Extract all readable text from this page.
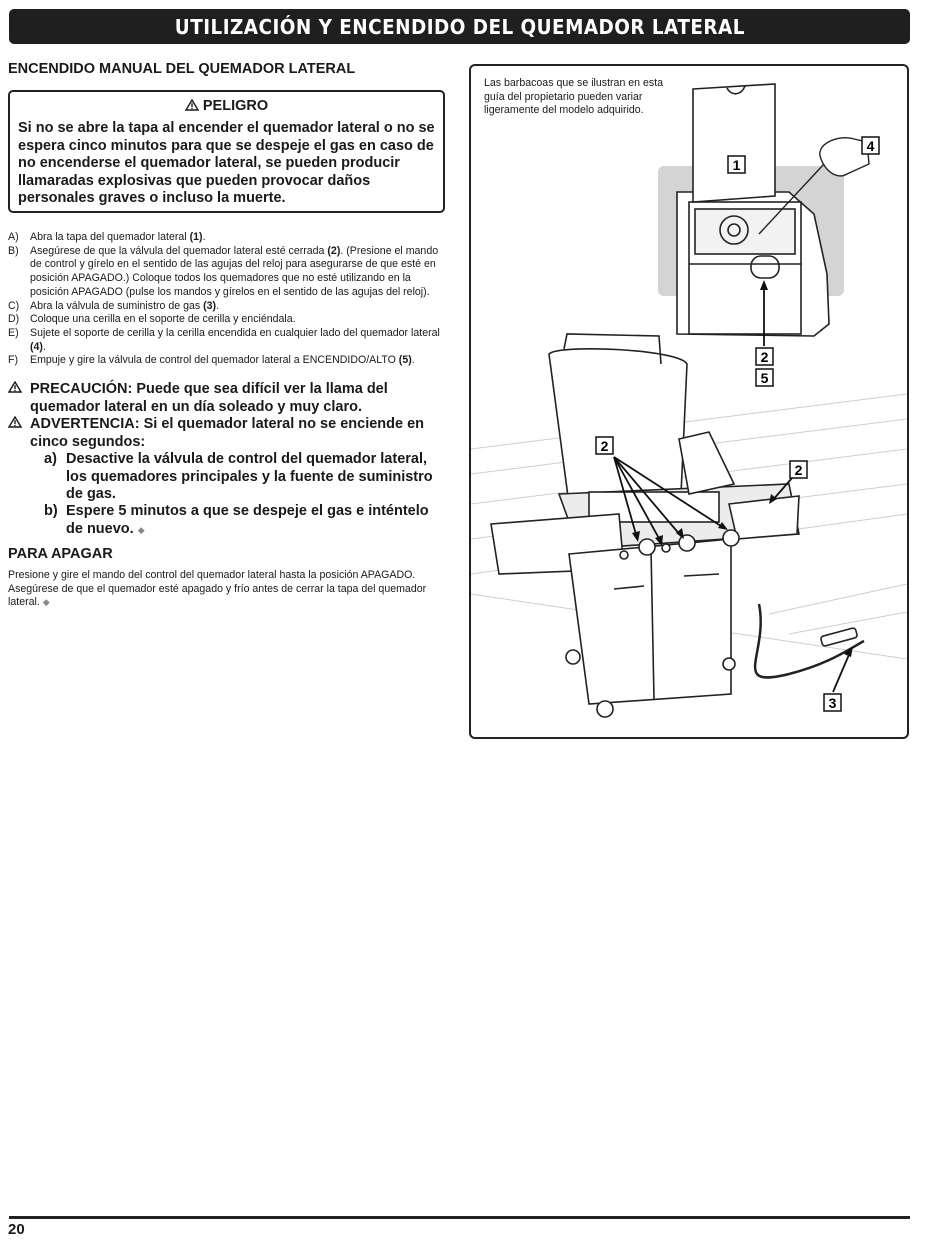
UTILIZACIÓN Y ENCENDIDO DEL QUEMADOR LATERAL
ENCENDIDO MANUAL DEL QUEMADOR LATERAL
PELIGRO
Si no se abre la tapa al encender el quemador lateral o no se espera cinco minutos para que se despeje el gas en caso de no encenderse el quemador lateral, se pueden producir llamaradas explosivas que pueden provocar daños personales graves o incluso la muerte.
A)	Abra la tapa del quemador lateral (1).
B)	Asegúrese de que la válvula del quemador lateral esté cerrada (2). (Presione el mando de control y gírelo en el sentido de las agujas del reloj para asegurarse de que esté en posición APAGADO.) Coloque todos los quemadores que no esté utilizando en la posición APAGADO (pulse los mandos y gírelos en el sentido de las agujas del reloj).
C)	Abra la válvula de suministro de gas (3).
D)	Coloque una cerilla en el soporte de cerilla y enciéndala.
E)	Sujete el soporte de cerilla y la cerilla encendida en cualquier lado del quemador lateral (4).
F)	Empuje y gire la válvula de control del quemador lateral a ENCENDIDO/ALTO (5).
PRECAUCIÓN: Puede que sea difícil ver la llama del quemador lateral en un día soleado y muy claro.
ADVERTENCIA: Si el quemador lateral no se enciende en cinco segundos:
a) Desactive la válvula de control del quemador lateral, los quemadores principales y la fuente de suministro de gas.
b) Espere 5 minutos a que se despeje el gas e inténtelo de nuevo. ◆
PARA APAGAR
Presione y gire el mando del control del quemador lateral hasta la posición APAGADO. Asegúrese de que el quemador esté apagado y frío antes de cerrar la tapa del quemador lateral. ◆
Las barbacoas que se ilustran en esta guía del propietario pueden variar ligeramente del modelo adquirido.
1
4
2
5
2
2
3
20
